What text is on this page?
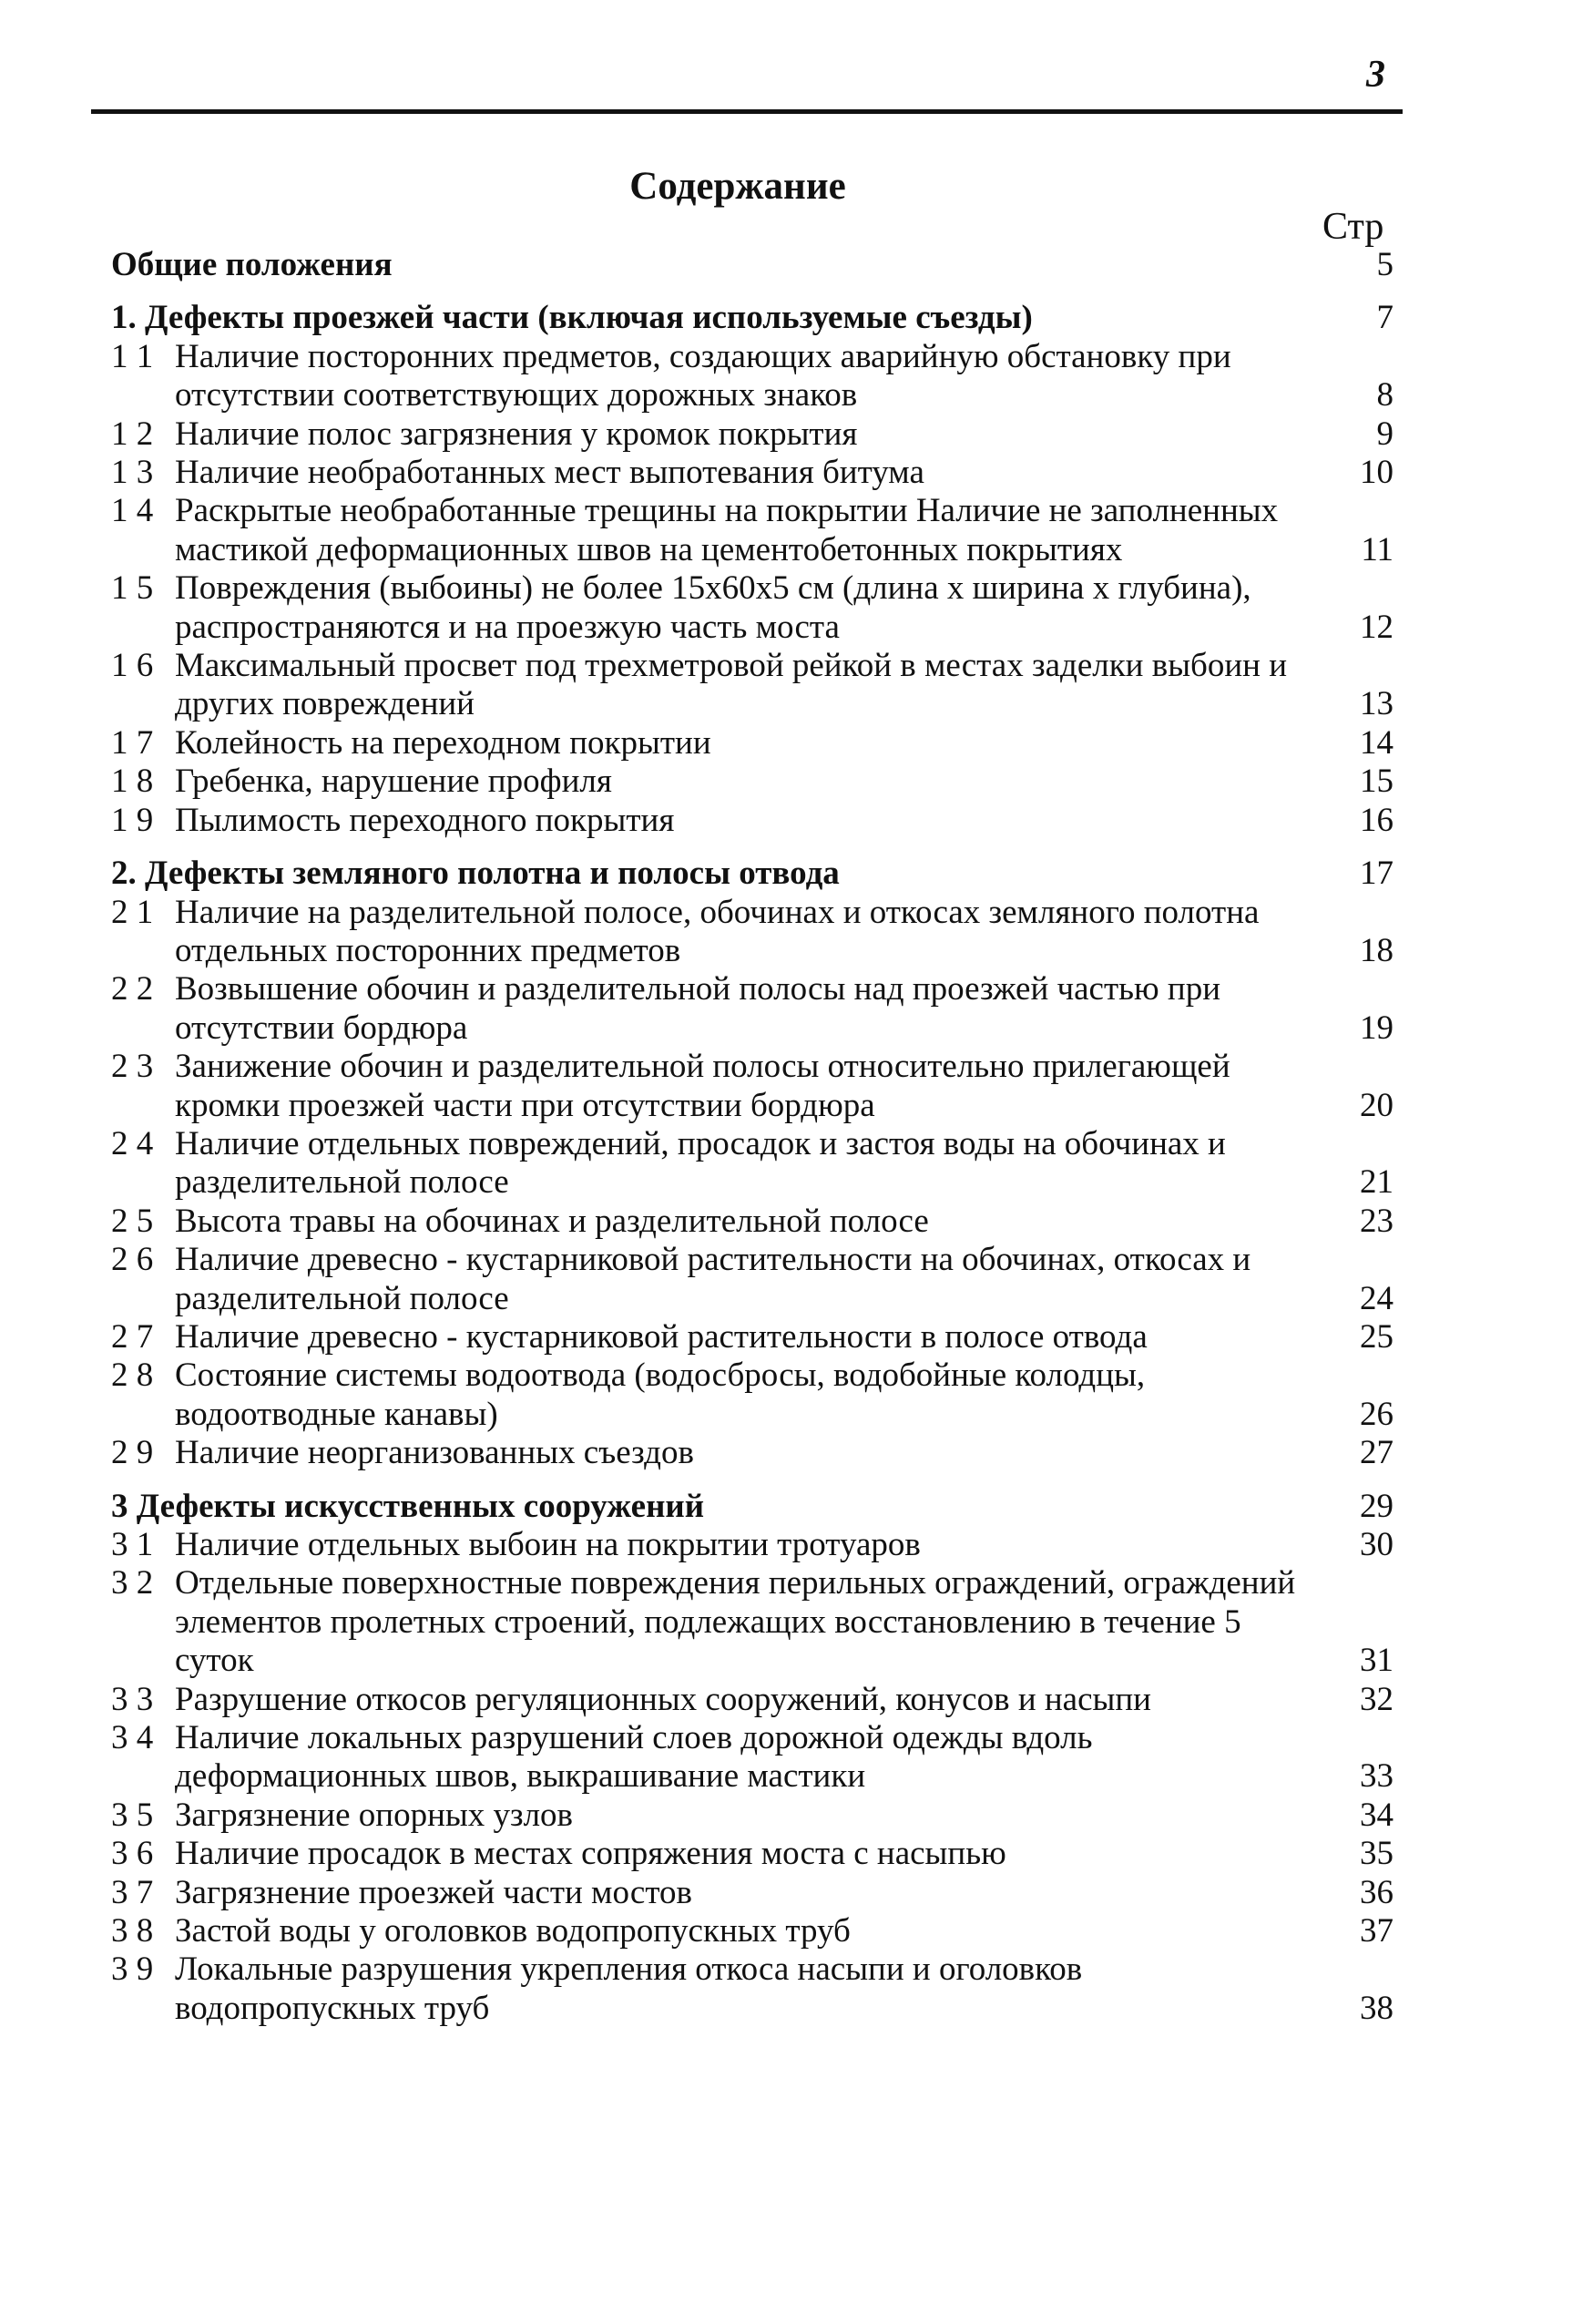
3
Содержание
Стр
Общие положения	5
1. Дефекты проезжей части (включая используемые съезды)	7
1 1 Наличие посторонних предметов, создающих аварийную обстановку при отсутствии соответствующих дорожных знаков	8
1 2 Наличие полос загрязнения у кромок покрытия	9
1 3 Наличие необработанных мест выпотевания битума	10
1 4 Раскрытые необработанные трещины на покрытии Наличие не заполненных мастикой деформационных швов на цементобетонных покрытиях	11
1 5 Повреждения (выбоины) не более 15х60х5 см (длина х ширина х глубина), распространяются и на проезжую часть моста	12
1 6 Максимальный просвет под трехметровой рейкой в местах заделки выбоин и других повреждений	13
1 7 Колейность на переходном покрытии	14
1 8 Гребенка, нарушение профиля	15
1 9 Пылимость переходного покрытия	16
2. Дефекты земляного полотна и полосы отвода	17
2 1 Наличие на разделительной полосе, обочинах и откосах земляного полотна отдельных посторонних предметов	18
2 2 Возвышение обочин и разделительной полосы над проезжей частью при отсутствии бордюра	19
2 3 Занижение обочин и разделительной полосы относительно прилегающей кромки проезжей части при отсутствии бордюра	20
2 4 Наличие отдельных повреждений, просадок и застоя воды на обочинах и разделительной полосе	21
2 5 Высота травы на обочинах и разделительной полосе	23
2 6 Наличие древесно - кустарниковой растительности на обочинах, откосах и разделительной полосе	24
2 7 Наличие древесно - кустарниковой растительности в полосе отвода	25
2 8 Состояние системы водоотвода (водосбросы, водобойные колодцы, водоотводные канавы)	26
2 9 Наличие неорганизованных съездов	27
3 Дефекты искусственных сооружений	29
3 1 Наличие отдельных выбоин на покрытии тротуаров	30
3 2 Отдельные поверхностные повреждения перильных ограждений, ограждений элементов пролетных строений, подлежащих восстановлению в течение 5 суток	31
3 3 Разрушение откосов регуляционных сооружений, конусов и насыпи	32
3 4 Наличие локальных разрушений слоев дорожной одежды вдоль деформационных швов, выкрашивание мастики	33
3 5 Загрязнение опорных узлов	34
3 6 Наличие просадок в местах сопряжения моста с насыпью	35
3 7 Загрязнение проезжей части мостов	36
3 8 Застой воды у оголовков водопропускных труб	37
3 9 Локальные разрушения укрепления откоса насыпи и оголовков водопропускных труб	38
